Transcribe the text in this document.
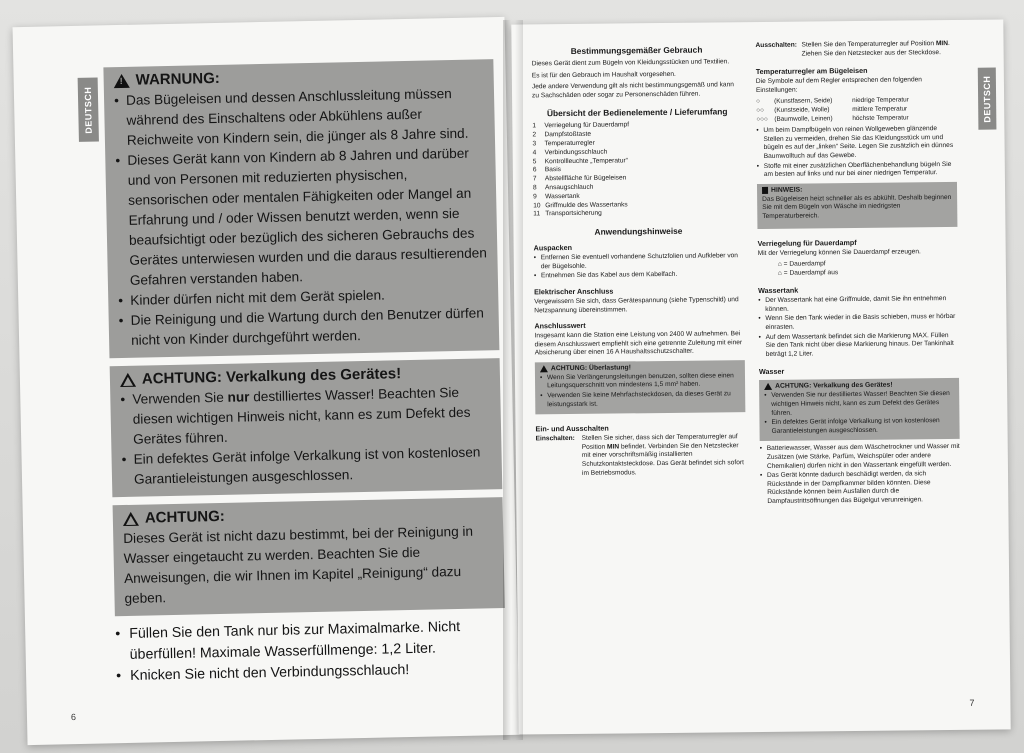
DEUTSCH
!
WARNUNG:
• Das Bügeleisen und dessen Anschlussleitung müssen während des Einschaltens oder Abkühlens außer Reichweite von Kindern sein, die jünger als 8 Jahre sind.
• Dieses Gerät kann von Kindern ab 8 Jahren und darüber und von Personen mit reduzierten physischen, sensorischen oder mentalen Fähigkeiten oder Mangel an Erfahrung und / oder Wissen benutzt werden, wenn sie beaufsichtigt oder bezüglich des sicheren Gebrauchs des Gerätes unterwiesen wurden und die daraus resultierenden Gefahren verstanden haben.
• Kinder dürfen nicht mit dem Gerät spielen.
• Die Reinigung und die Wartung durch den Benutzer dürfen nicht von Kinder durchgeführt werden.
ACHTUNG: Verkalkung des Gerätes!
• Verwenden Sie nur destilliertes Wasser! Beachten Sie diesen wichtigen Hinweis nicht, kann es zum Defekt des Gerätes führen.
• Ein defektes Gerät infolge Verkalkung ist von kostenlosen Garantieleistungen ausgeschlossen.
ACHTUNG:

Dieses Gerät ist nicht dazu bestimmt, bei der Reinigung in Wasser eingetaucht zu werden. Beachten Sie die Anweisungen, die wir Ihnen im Kapitel „Reinigung“ dazu geben.

• Füllen Sie den Tank nur bis zur Maximalmarke. Nicht überfüllen! Maximale Wasserfüllmenge: 1,2 Liter.
• Knicken Sie nicht den Verbindungsschlauch!
6
DEUTSCH
Bestimmungsgemäßer Gebrauch

Dieses Gerät dient zum Bügeln von Kleidungsstücken und Textilien.

Es ist für den Gebrauch im Haushalt vorgesehen.

Jede andere Verwendung gilt als nicht bestimmungsgemäß und kann zu Sachschäden oder sogar zu Personenschäden führen.

Übersicht der Bedienelemente / Lieferumfang
1 Verriegelung für Dauerdampf
2 Dampfstoßtaste
3 Temperaturregler
4 Verbindungsschlauch
5 Kontrollleuchte „Temperatur“
6 Basis
7 Abstellfläche für Bügeleisen
8 Ansaugschlauch
9 Wassertank
10 Griffmulde des Wassertanks
11 Transportsicherung
Anwendungshinweise
Auspacken
• Entfernen Sie eventuell vorhandene Schutzfolien und Aufkleber von der Bügelsohle.
• Entnehmen Sie das Kabel aus dem Kabelfach.
Elektrischer Anschluss

Vergewissern Sie sich, dass Gerätespannung (siehe Typenschild) und Netzspannung übereinstimmen.

Anschlusswert

Insgesamt kann die Station eine Leistung von 2400 W aufnehmen. Bei diesem Anschlusswert empfiehlt sich eine getrennte Zuleitung mit einer Absicherung über einen 16 A Haushaltsschutzschalter.

ACHTUNG: Überlastung!
• Wenn Sie Verlängerungsleitungen benutzen, sollten diese einen Leitungsquerschnitt von mindestens 1,5 mm² haben.
• Verwenden Sie keine Mehrfachsteckdosen, da dieses Gerät zu leistungsstark ist.
Ein- und Ausschalten
Einschalten:	Stellen Sie sicher, dass sich der Temperaturregler auf Position MIN befindet. Verbinden Sie den Netzstecker mit einer vorschriftsmäßig installierten Schutzkontaktsteckdose. Das Gerät befindet sich sofort im Betriebsmodus.
Ausschalten: Stellen Sie den Temperaturregler auf Position MIN. Ziehen Sie den Netzstecker aus der Steckdose.
Temperaturregler am Bügeleisen

Die Symbole auf dem Regler entsprechen den folgenden Einstellungen:

○	(Kunstfasern, Seide)	niedrige Temperatur
○○	(Kunstseide, Wolle)	mittlere Temperatur
○○○ (Baumwolle, Leinen)	höchste Temperatur
• Um beim Dampfbügeln von reinen Wollgeweben glänzende Stellen zu vermeiden, drehen Sie das Kleidungsstück um und bügeln es auf der „linken“ Seite. Legen Sie zusätzlich ein dünnes Baumwolltuch auf das Gewebe.
• Stoffe mit einer zusätzlichen Oberflächenbehandlung bügeln Sie am besten auf links und nur bei einer niedrigen Temperatur.
HINWEIS:

Das Bügeleisen heizt schneller als es abkühlt. Deshalb beginnen Sie mit dem Bügeln von Wäsche im niedrigsten Temperaturbereich.

Verriegelung für Dauerdampf

Mit der Verriegelung können Sie Dauerdampf erzeugen.

⌂ = Dauerdampf

⌂ = Dauerdampf aus

Wassertank
• Der Wassertank hat eine Griffmulde, damit Sie ihn entnehmen können.
• Wenn Sie den Tank wieder in die Basis schieben, muss er hörbar einrasten.
• Auf dem Wassertank befindet sich die Markierung MAX. Füllen Sie den Tank nicht über diese Markierung hinaus. Der Tankinhalt beträgt 1,2 Liter.
Wasser
ACHTUNG: Verkalkung des Gerätes!
• Verwenden Sie nur destilliertes Wasser! Beachten Sie diesen wichtigen Hinweis nicht, kann es zum Defekt des Gerätes führen.
• Ein defektes Gerät infolge Verkalkung ist von kostenlosen Garantieleistungen ausgeschlossen.
• Batteriewasser, Wasser aus dem Wäschetrockner und Wasser mit Zusätzen (wie Stärke, Parfüm, Weichspüler oder andere Chemikalien) dürfen nicht in den Wassertank eingefüllt werden.
• Das Gerät könnte dadurch beschädigt werden, da sich Rückstände in der Dampfkammer bilden könnten. Diese Rückstände können beim Ausfallen durch die Dampfaustrittsöffnungen das Bügelgut verunreinigen.
7
